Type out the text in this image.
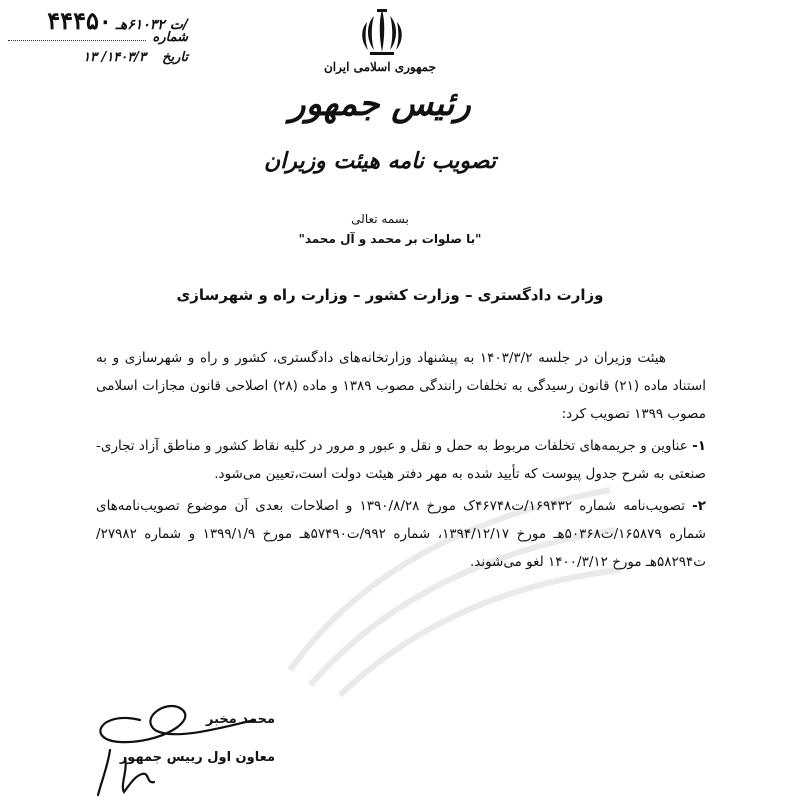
جمهوری اسلامی ایران
رئیس جمهور
تصویب نامه هیئت وزیران
/ت ۶۱۰۳۲هـ
۴۴۴۵۰
شماره
تاریخ
۱۴۰۳/۳/ ۱۳
بسمه تعالی
"با صلوات بر محمد و آل محمد"
وزارت دادگستری – وزارت کشور – وزارت راه و شهرسازی

هیئت وزیران در جلسه ۱۴۰۳/۳/۲ به پیشنهاد وزارتخانه‌های دادگستری، کشور و راه و شهرسازی و به استناد ماده (۲۱) قانون رسیدگی به تخلفات رانندگی مصوب ۱۳۸۹ و ماده (۲۸) اصلاحی قانون مجازات اسلامی مصوب ۱۳۹۹ تصویب کرد:

۱- عناوین و جریمه‌های تخلفات مربوط به حمل و نقل و عبور و مرور در کلیه نقاط کشور و مناطق آزاد تجاری- صنعتی به شرح جدول پیوست که تأیید شده به مهر دفتر هیئت دولت است،تعیین می‌شود.

۲- تصویب‌نامه شماره ۱۶۹۴۳۲/ت۴۶۷۴۸ک مورخ ۱۳۹۰/۸/۲۸ و اصلاحات بعدی آن موضوع تصویب‌نامه‌های شماره ۱۶۵۸۷۹/ت۵۰۳۶۸هـ مورخ ۱۳۹۴/۱۲/۱۷، شماره ۹۹۲/ت۵۷۴۹۰هـ مورخ ۱۳۹۹/۱/۹ و شماره ۲۷۹۸۲/ت۵۸۲۹۴هـ مورخ ۱۴۰۰/۳/۱۲ لغو می‌شوند.

محمد مخبر
معاون اول رییس جمهور
